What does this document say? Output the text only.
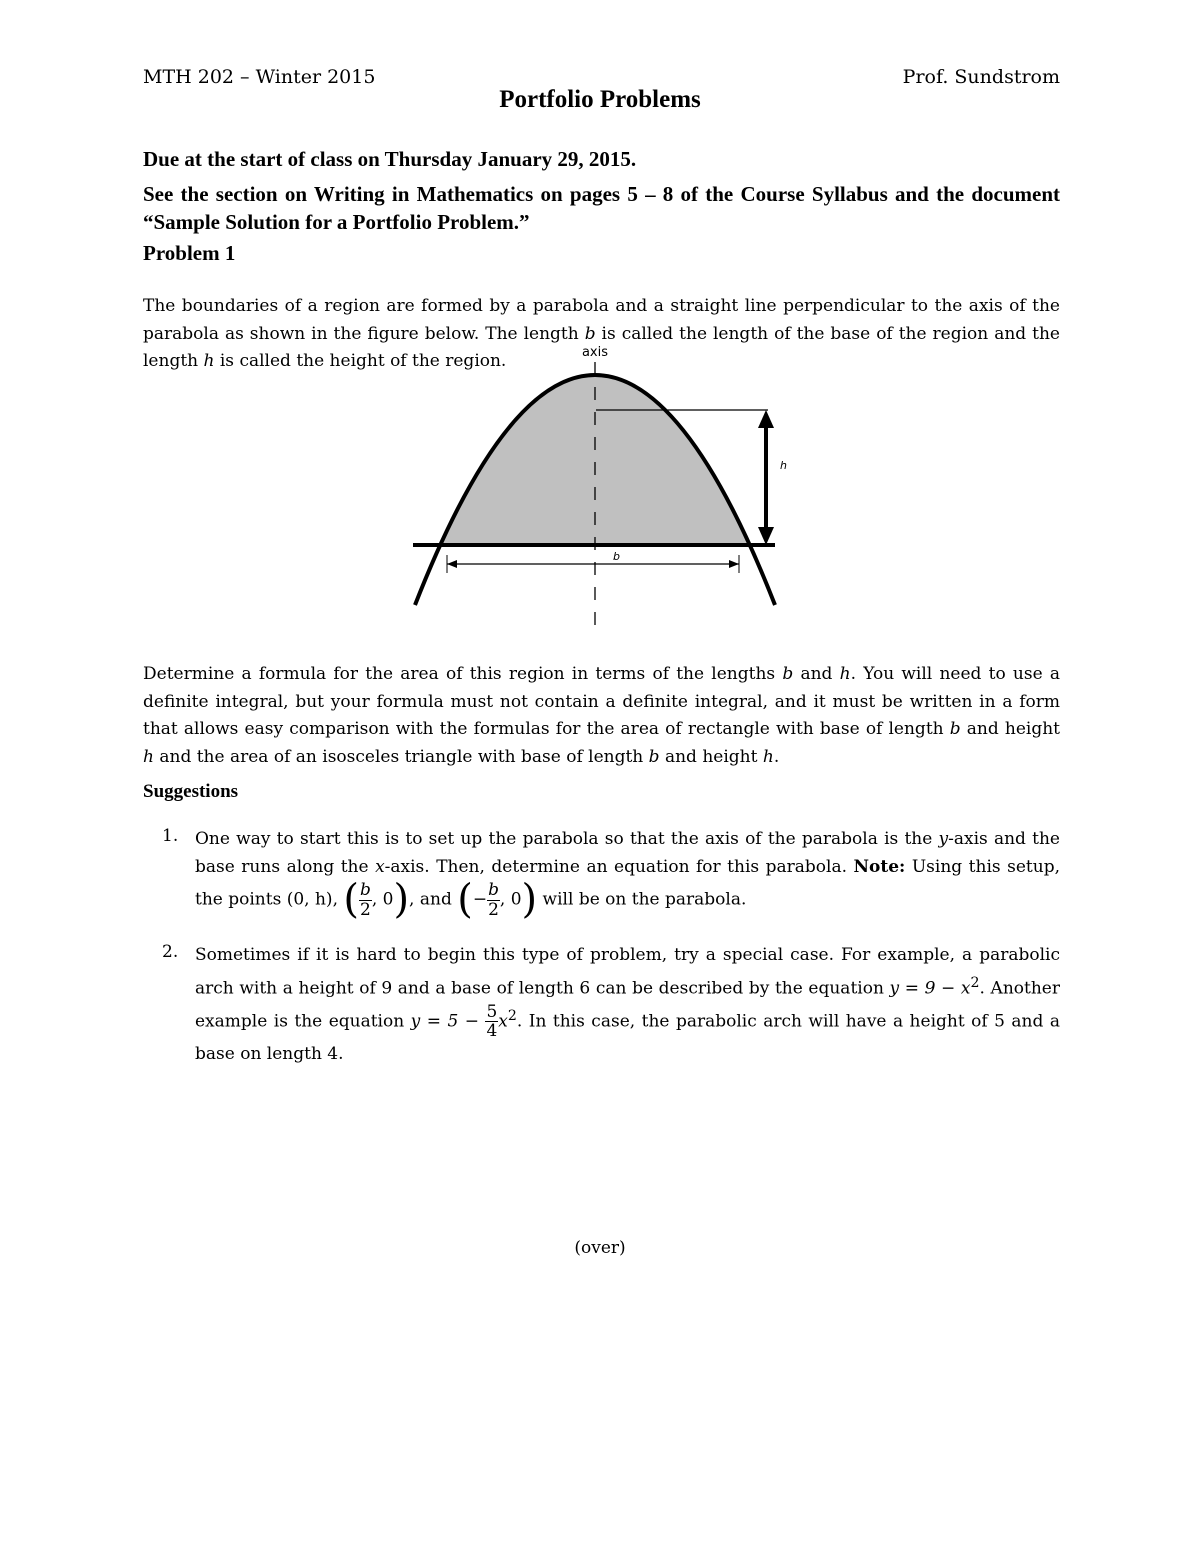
MTH 202 – Winter 2015	Prof. Sundstrom
Portfolio Problems
Due at the start of class on Thursday January 29, 2015.
See the section on Writing in Mathematics on pages 5 – 8 of the Course Syllabus and the document “Sample Solution for a Portfolio Problem.”
Problem 1
The boundaries of a region are formed by a parabola and a straight line perpendicular to the axis of the parabola as shown in the figure below. The length b is called the length of the base of the region and the length h is called the height of the region.	axis
h
b
Determine a formula for the area of this region in terms of the lengths b and h. You will need to use a definite integral, but your formula must not contain a definite integral, and it must be written in a form that allows easy comparison with the formulas for the area of rectangle with base of length b and height h and the area of an isosceles triangle with base of length b and height h.
Suggestions
1. One way to start this is to set up the parabola so that the axis of the parabola is the y-axis and the base runs along the x-axis. Then, determine an equation for this parabola. Note: Using this setup, the points (0, h), ( $\frac{b}{2}$ , 0), and (− $\frac{b}{2}$ , 0) will be on the parabola.
2. Sometimes if it is hard to begin this type of problem, try a special case. For example, a parabolic arch with a height of 9 and a base of length 6 can be described by the equation $y = 9 - x^2$. Another example is the equation $y = 5 - \frac{5}{4} x^2$. In this case, the parabolic arch will have a height of 5 and a base on length 4.
(over)
